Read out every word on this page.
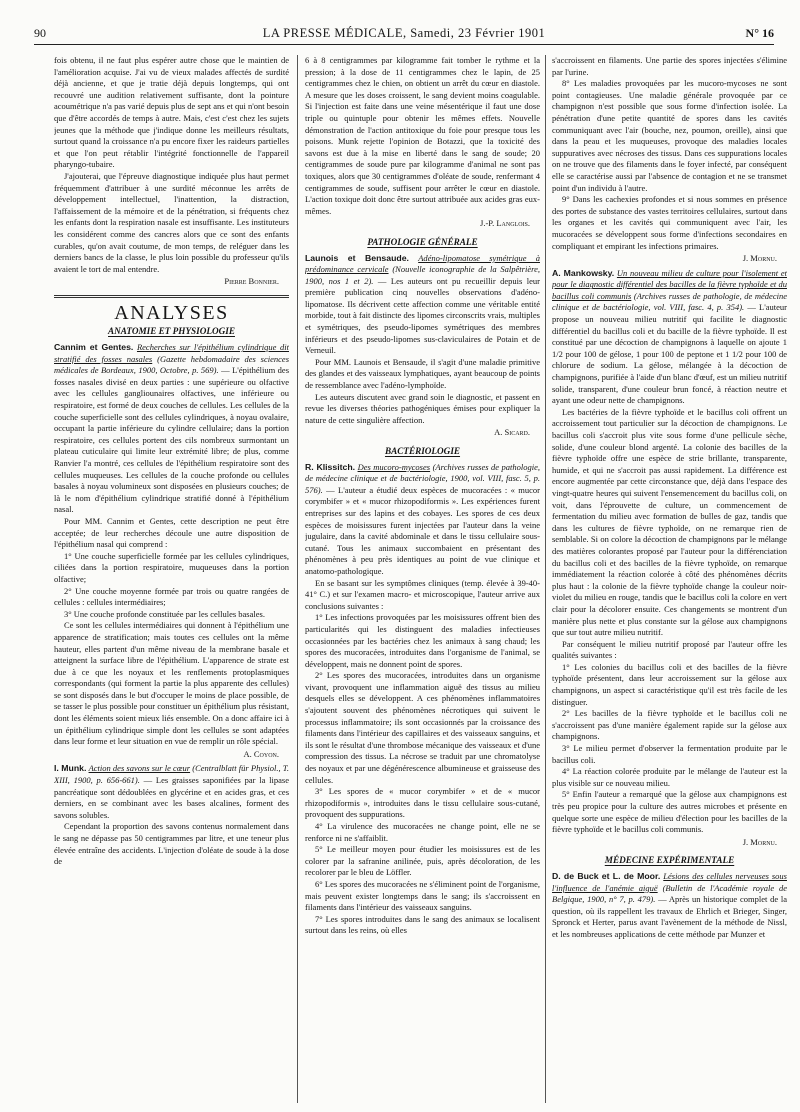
90	LA PRESSE MÉDICALE, Samedi, 23 Février 1901	N° 16

fois obtenu, il ne faut plus espérer autre chose que le maintien de l'amélioration acquise. J'ai vu de vieux malades affectés de surdité déjà ancienne, et que je tratie déjà depuis longtemps, qui ont recouvré une audition relativement suffisante, dont la pointure acoumétrique n'a pas varié depuis plus de sept ans et qui n'ont besoin que d'être accordés de temps à autre. Mais, c'est c'est chez les sujets jeunes que la méthode que j'indique donne les meilleurs résultats, surtout quand la croissance n'a pu encore fixer les raideurs partielles et que l'on peut rétablir l'intégrité fonctionnelle de l'appareil pharyngo-tubaire.

J'ajouterai, que l'épreuve diagnostique indiquée plus haut permet fréquemment d'attribuer à une surdité méconnue les arrêts de développement intellectuel, l'inattention, la distraction, l'affaissement de la mémoire et de la pénétration, si fréquents chez les enfants dont la respiration nasale est insuffisante. Les instituteurs les considérent comme des cancres alors que ce sont des enfants curables, qu'on avait coutume, de mon temps, de reléguer dans les derniers bancs de la classe, le plus loin possible du professeur qu'ils avaient le tort de mal entendre.

Pierre Bonnier.
ANALYSES
ANATOMIE ET PHYSIOLOGIE

Cannim et Gentes. Recherches sur l'épithélium cylindrique dit stratifié des fosses nasales (Gazette hebdomadaire des sciences médicales de Bordeaux, 1900, Octobre, p. 569). — L'épithélium des fosses nasales divisé en deux parties : une supérieure ou olfactive avec les cellules gangliounaires olfactives, une inférieure ou respiratoire, est formé de deux couches de cellules. Les cellules de la couche superficielle sont des cellules cylindriques, à noyau ovalaire, occupant la partie inférieure du cylindre cellulaire; dans la portion respiratoire, ces cellules portent des cils nombreux surmontant un plateau cuticulaire qui limite leur extrémité libre; de plus, comme Ranvier l'a montré, ces cellules de l'épithélium respiratoire sont des cellules muqueuses. Les cellules de la couche profonde ou cellules basales à noyau volumineux sont disposées en plusieurs couches; de là le nom d'épithélium cylindrique stratifié donné à l'épithélium nasal.

Pour MM. Cannim et Gentes, cette description ne peut être acceptée; de leur recherches découle une autre disposition de l'épithélium nasal qui comprend :

1° Une couche superficielle formée par les cellules cylindriques, ciliées dans la portion respiratoire, muqueuses dans la portion olfactive;

2° Une couche moyenne formée par trois ou quatre rangées de cellules : cellules intermédiaires;

3° Une couche profonde constituée par les cellules basales.

Ce sont les cellules intermédiaires qui donnent à l'épithélium une apparence de stratification; mais toutes ces cellules ont la même hauteur, elles partent d'un même niveau de la membrane basale et atteignent la surface libre de l'épithélium. L'apparence de strate est due à ce que les noyaux et les renflements protoplasmiques correspondants (qui forment la partie la plus apparente des cellules) se sont disposés dans le but d'occuper le moins de place possible, de se tasser le plus possible pour constituer un épithélium plus résistant, dont les éléments soient mieux liés ensemble. On a donc affaire ici à un épithélium cylindrique simple dont les cellules se sont adaptées dans leur forme et leur situation en vue de remplir un rôle spécial.

A. Coyon.

I. Munk. Action des savons sur le cœur (Centralblatt für Physiol., T. XIII, 1900, p. 656-661). — Les graisses saponifiées par la lipase pancréatique sont dédoublées en glycérine et en acides gras, et ces derniers, en se combinant avec les bases alcalines, forment des savons solubles.

Cependant la proportion des savons contenus normalement dans le sang ne dépasse pas 50 centigrammes par litre, et une teneur plus élevée entraîne des accidents. L'injection d'oléate de soude à la dose de

6 à 8 centigrammes par kilogramme fait tomber le rythme et la pression; à la dose de 11 centigrammes chez le lapin, de 25 centigrammes chez le chien, on obtient un arrêt du cœur en diastole. A mesure que les doses croissent, le sang devient moins coagulable. Si l'injection est faite dans une veine mésentérique il faut une dose triple ou quintuple pour obtenir les mêmes effets. Nouvelle démonstration de l'action antitoxique du foie pour presque tous les poisons. Munk rejette l'opinion de Botazzi, que la toxicité des savons est due à la mise en liberté dans le sang de soude; 20 centigrammes de soude pure par kilogramme d'animal ne sont pas toxiques, alors que 30 centigrammes d'oléate de soude, renfermant 4 centigrammes de soude, suffisent pour arrêter le cœur en diastole. L'action toxique doit donc être surtout attribuée aux acides gras eux-mêmes.

J.-P. Langlois.
PATHOLOGIE GÉNÉRALE

Launois et Bensaude. Adéno-lipomatose symétrique à prédominance cervicale (Nouvelle iconographie de la Salpêtrière, 1900, nos 1 et 2). — Les auteurs ont pu recueillir depuis leur première publication cinq nouvelles observations d'adéno-lipomatose. Ils décrivent cette affection comme une véritable entité morbide, tout à fait distincte des lipomes circonscrits vrais, multiples et symétriques, des pseudo-lipomes symétriques des membres inférieurs et des pseudo-lipomes sus-claviculaires de Potain et de Verneuil.

Pour MM. Launois et Bensaude, il s'agit d'une maladie primitive des glandes et des vaisseaux lymphatiques, ayant beaucoup de points de ressemblance avec l'adéno-lymphoïde.

Les auteurs discutent avec grand soin le diagnostic, et passent en revue les diverses théories pathogéniques émises pour expliquer la nature de cette singulière affection.

A. Sicard.
BACTÉRIOLOGIE

R. Klissitch. Des mucoro-mycoses (Archives russes de pathologie, de médecine clinique et de bactériologie, 1900, vol. VIII, fasc. 5, p. 576). — L'auteur a étudié deux espèces de mucoracées : « mucor corymbifer » et « mucor rhizopodiformis ». Les expériences furent entreprises sur des lapins et des cobayes. Les spores de ces deux espèces de moisissures furent injectées par l'auteur dans la veine jugulaire, dans la cavité abdominale et dans le tissu cellulaire sous-cutané. Tous les animaux succombaient en présentant des phénomènes à peu près identiques au point de vue clinique et anatomo-pathologique.

En se basant sur les symptômes cliniques (temp. élevée à 39-40-41° C.) et sur l'examen macro- et microscopique, l'auteur arrive aux conclusions suivantes :

1° Les infections provoquées par les moisissures offrent bien des particularités qui les distinguent des maladies infectieuses occasionnées par les bactéries chez les animaux à sang chaud; les spores des mucoracées, introduites dans l'organisme de l'animal, se développent, mais ne donnent point de spores.

2° Les spores des mucoracées, introduites dans un organisme vivant, provoquent une inflammation aiguë des tissus au milieu desquels elles se développent. A ces phénomènes inflammatoires s'ajoutent souvent des phénomènes nécrotiques qui suivent le processus inflammatoire; ils sont occasionnés par la croissance des filaments dans l'intérieur des capillaires et des vaisseaux sanguins, et ils sont le résultat d'une thrombose mécanique des vaisseaux et d'une compression des tissus. La nécrose se traduit par une chromatolyse des noyaux et par une dégénérescence albumineuse et graisseuse des cellules.

3° Les spores de « mucor corymbifer » et de « mucor rhizopodiformis », introduites dans le tissu cellulaire sous-cutané, provoquent des suppurations.

4° La virulence des mucoracées ne change point, elle ne se renforce ni ne s'affaiblit.

5° Le meilleur moyen pour étudier les moisissures est de les colorer par la safranine anilinée, puis, après décoloration, de les recolorer par le bleu de Löffler.

6° Les spores des mucoracées ne s'éliminent point de l'organisme, mais peuvent exister longtemps dans le sang; ils s'accroissent en filaments dans l'intérieur des vaisseaux sanguins.

7° Les spores introduites dans le sang des animaux se localisent surtout dans les reins, où elles

s'accroissent en filaments. Une partie des spores injectées s'élimine par l'urine.

8° Les maladies provoquées par les mucoro-mycoses ne sont point contagieuses. Une maladie générale provoquée par ce champignon n'est possible que sous forme d'infection isolée. La pénétration d'une petite quantité de spores dans les cavités communiquant avec l'air (bouche, nez, poumon, oreille), ainsi que dans la peau et les muqueuses, provoque des maladies locales suppuratives avec nécroses des tissus. Dans ces suppurations locales on ne trouve que des filaments dans le foyer infecté, par conséquent elle se caractérise aussi par l'absence de contagion et ne se transmet point d'un individu à l'autre.

9° Dans les cachexies profondes et si nous sommes en présence des portes de substance des vastes territoires cellulaires, surtout dans les organes et les cavités qui communiquent avec l'air, les mucoracées se développent sous forme d'infections secondaires en compliquant et empirant les infections primaires.

J. Mornu.

A. Mankowsky. Un nouveau milieu de culture pour l'isolement et pour le diagnostic différentiel des bacilles de la fièvre typhoïde et du bacillus coli communis (Archives russes de pathologie, de médecine clinique et de bactériologie, vol. VIII, fasc. 4, p. 354). — L'auteur propose un nouveau milieu nutritif qui facilite le diagnostic différentiel du bacillus coli et du bacille de la fièvre typhoïde. Il est constitué par une décoction de champignons à laquelle on ajoute 1 1/2 pour 100 de gélose, 1 pour 100 de peptone et 1 1/2 pour 100 de chlorure de sodium. La gélose, mélangée à la décoction de champignons, purifiée à l'aide d'un blanc d'œuf, est un milieu nutritif solide, transparent, d'une couleur brun foncé, à réaction neutre et ayant une odeur nette de champignons.

Les bactéries de la fièvre typhoïde et le bacillus coli offrent un accroissement tout particulier sur la décoction de champignons. Le bacillus coli s'accroit plus vite sous forme d'une pellicule sèche, solide, d'une couleur blond argenté. La colonie des bacilles de la fièvre typhoïde offre une espèce de strie brillante, transparente, humide, et qui ne s'accroit pas aussi rapidement. La différence est encore augmentée par cette circonstance que, déjà dans l'espace des vingt-quatre heures qui suivent l'ensemencement du bacillus coli, on voit, dans l'éprouvette de culture, un commencement de fermentation du milieu avec formation de bulles de gaz, tandis que dans les cultures de fièvre typhoïde, on ne remarque rien de semblable. Si on colore la décoction de champignons par le mélange des matières colorantes proposé par l'auteur pour la différenciation du bacillus coli et des bacilles de la fièvre typhoïde, on remarque immédiatement la réaction colorée à côté des phénomènes décrits plus haut : la colonie de la fièvre typhoïde change la couleur noir-violet du milieu en rouge, tandis que le bacillus coli la colore en vert clair pour la décolorer ensuite. Ces changements se montrent d'un manière plus nette et plus constante sur la gélose aux champignons que sur tout autre milieu nutritif.

Par conséquent le milieu nutritif proposé par l'auteur offre les qualités suivantes :

1° Les colonies du bacillus coli et des bacilles de la fièvre typhoïde présentent, dans leur accroissement sur la gélose aux champignons, un aspect si caractéristique qu'il est très facile de les distinguer.

2° Les bacilles de la fièvre typhoïde et le bacillus coli ne s'accroissent pas d'une manière également rapide sur la gélose aux champignons.

3° Le milieu permet d'observer la fermentation produite par le bacillus coli.

4° La réaction colorée produite par le mélange de l'auteur est la plus visible sur ce nouveau milieu.

5° Enfin l'auteur a remarqué que la gélose aux champignons est très peu propice pour la culture des autres microbes et présente en quelque sorte une espèce de milieu d'élection pour les bacilles de la fièvre typhoïde et le bacillus coli communis.

J. Mornu.
MÉDECINE EXPÉRIMENTALE

D. de Buck et L. de Moor. Lésions des cellules nerveuses sous l'influence de l'anémie aiguë (Bulletin de l'Académie royale de Belgique, 1900, n° 7, p. 479). — Après un historique complet de la question, où ils rappellent les travaux de Ehrlich et Brieger, Singer, Spronck et Herter, parus avant l'avènement de la méthode de Nissl, et les nombreuses applications de cette méthode par Munzer et
